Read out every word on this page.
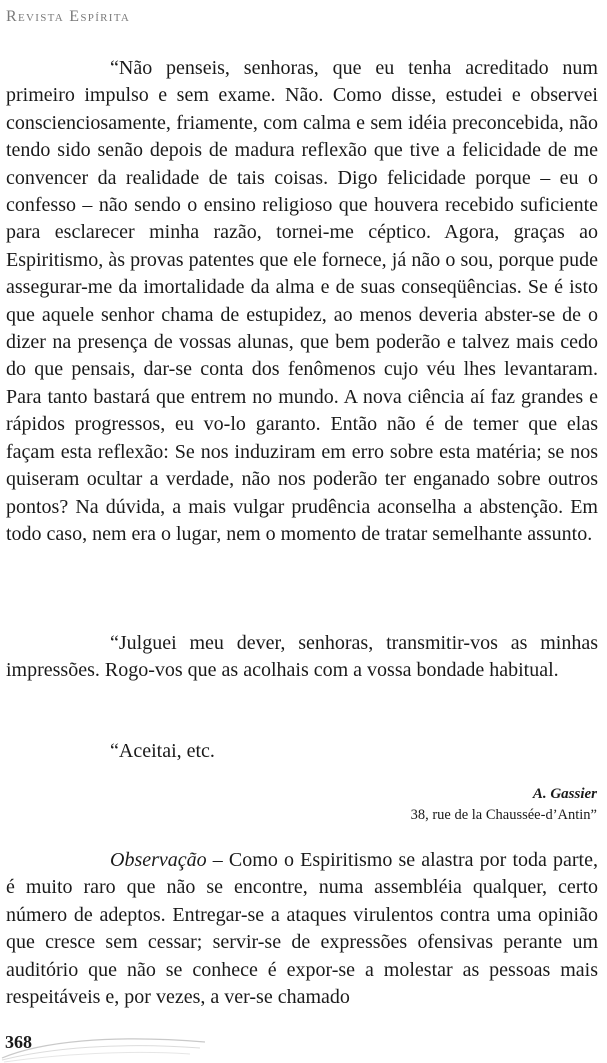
Revista Espírita

“Não penseis, senhoras, que eu tenha acreditado num primeiro impulso e sem exame. Não. Como disse, estudei e observei conscienciosamente, friamente, com calma e sem idéia preconcebida, não tendo sido senão depois de madura reflexão que tive a felicidade de me convencer da realidade de tais coisas. Digo felicidade porque – eu o confesso – não sendo o ensino religioso que houvera recebido suficiente para esclarecer minha razão, tornei-me céptico. Agora, graças ao Espiritismo, às provas patentes que ele fornece, já não o sou, porque pude assegurar-me da imortalidade da alma e de suas conseqüências. Se é isto que aquele senhor chama de estupidez, ao menos deveria abster-se de o dizer na presença de vossas alunas, que bem poderão e talvez mais cedo do que pensais, dar-se conta dos fenômenos cujo véu lhes levantaram. Para tanto bastará que entrem no mundo. A nova ciência aí faz grandes e rápidos progressos, eu vo-lo garanto. Então não é de temer que elas façam esta reflexão: Se nos induziram em erro sobre esta matéria; se nos quiseram ocultar a verdade, não nos poderão ter enganado sobre outros pontos? Na dúvida, a mais vulgar prudência aconselha a abstenção. Em todo caso, nem era o lugar, nem o momento de tratar semelhante assunto.

“Julguei meu dever, senhoras, transmitir-vos as minhas impressões. Rogo-vos que as acolhais com a vossa bondade habitual.

“Aceitai, etc.

A. Gassier
38, rue de la Chaussée-d’Antin”

Observação – Como o Espiritismo se alastra por toda parte, é muito raro que não se encontre, numa assembléia qualquer, certo número de adeptos. Entregar-se a ataques virulentos contra uma opinião que cresce sem cessar; servir-se de expressões ofensivas perante um auditório que não se conhece é expor-se a molestar as pessoas mais respeitáveis e, por vezes, a ver-se chamado

368
